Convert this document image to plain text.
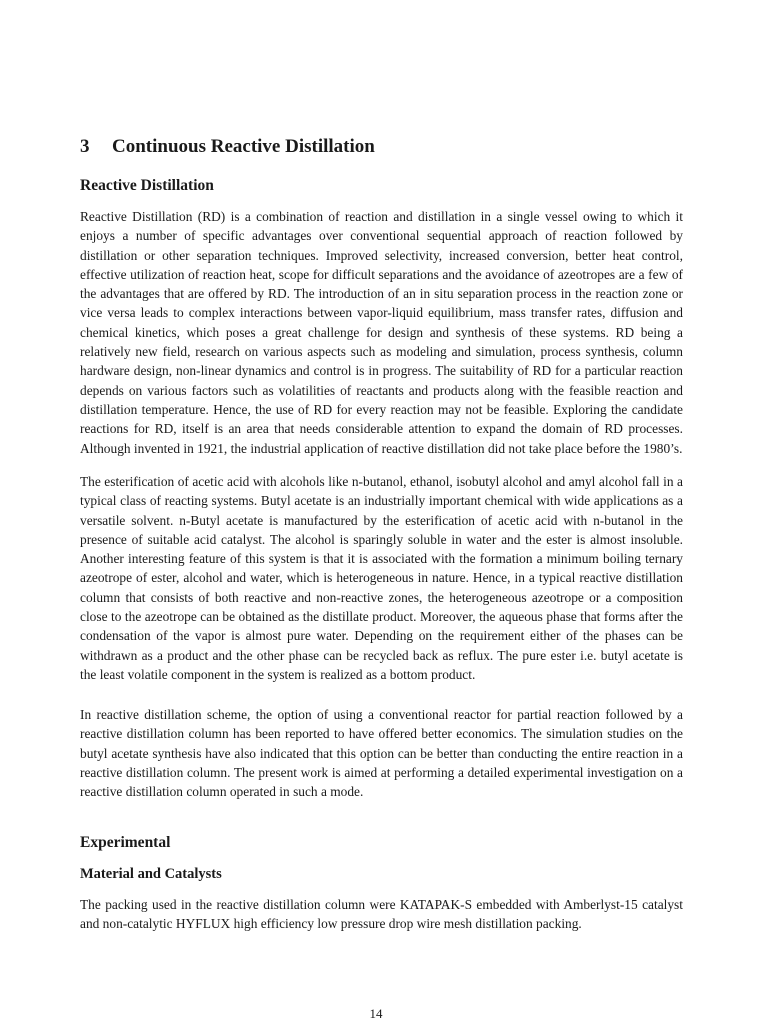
3 Continuous Reactive Distillation
Reactive Distillation

Reactive Distillation (RD) is a combination of reaction and distillation in a single vessel owing to which it enjoys a number of specific advantages over conventional sequential approach of reaction followed by distillation or other separation techniques. Improved selectivity, increased conversion, better heat control, effective utilization of reaction heat, scope for difficult separations and the avoidance of azeotropes are a few of the advantages that are offered by RD. The introduction of an in situ separation process in the reaction zone or vice versa leads to complex interactions between vapor-liquid equilibrium, mass transfer rates, diffusion and chemical kinetics, which poses a great challenge for design and synthesis of these systems. RD being a relatively new field, research on various aspects such as modeling and simulation, process synthesis, column hardware design, non-linear dynamics and control is in progress. The suitability of RD for a particular reaction depends on various factors such as volatilities of reactants and products along with the feasible reaction and distillation temperature. Hence, the use of RD for every reaction may not be feasible. Exploring the candidate reactions for RD, itself is an area that needs considerable attention to expand the domain of RD processes. Although invented in 1921, the industrial application of reactive distillation did not take place before the 1980’s.

The esterification of acetic acid with alcohols like n-butanol, ethanol, isobutyl alcohol and amyl alcohol fall in a typical class of reacting systems. Butyl acetate is an industrially important chemical with wide applications as a versatile solvent. n-Butyl acetate is manufactured by the esterification of acetic acid with n-butanol in the presence of suitable acid catalyst. The alcohol is sparingly soluble in water and the ester is almost insoluble. Another interesting feature of this system is that it is associated with the formation a minimum boiling ternary azeotrope of ester, alcohol and water, which is heterogeneous in nature. Hence, in a typical reactive distillation column that consists of both reactive and non-reactive zones, the heterogeneous azeotrope or a composition close to the azeotrope can be obtained as the distillate product. Moreover, the aqueous phase that forms after the condensation of the vapor is almost pure water. Depending on the requirement either of the phases can be withdrawn as a product and the other phase can be recycled back as reflux. The pure ester i.e. butyl acetate is the least volatile component in the system is realized as a bottom product.

In reactive distillation scheme, the option of using a conventional reactor for partial reaction followed by a reactive distillation column has been reported to have offered better economics. The simulation studies on the butyl acetate synthesis have also indicated that this option can be better than conducting the entire reaction in a reactive distillation column. The present work is aimed at performing a detailed experimental investigation on a reactive distillation column operated in such a mode.

Experimental
Material and Catalysts

The packing used in the reactive distillation column were KATAPAK-S embedded with Amberlyst-15 catalyst and non-catalytic HYFLUX high efficiency low pressure drop wire mesh distillation packing.

14
